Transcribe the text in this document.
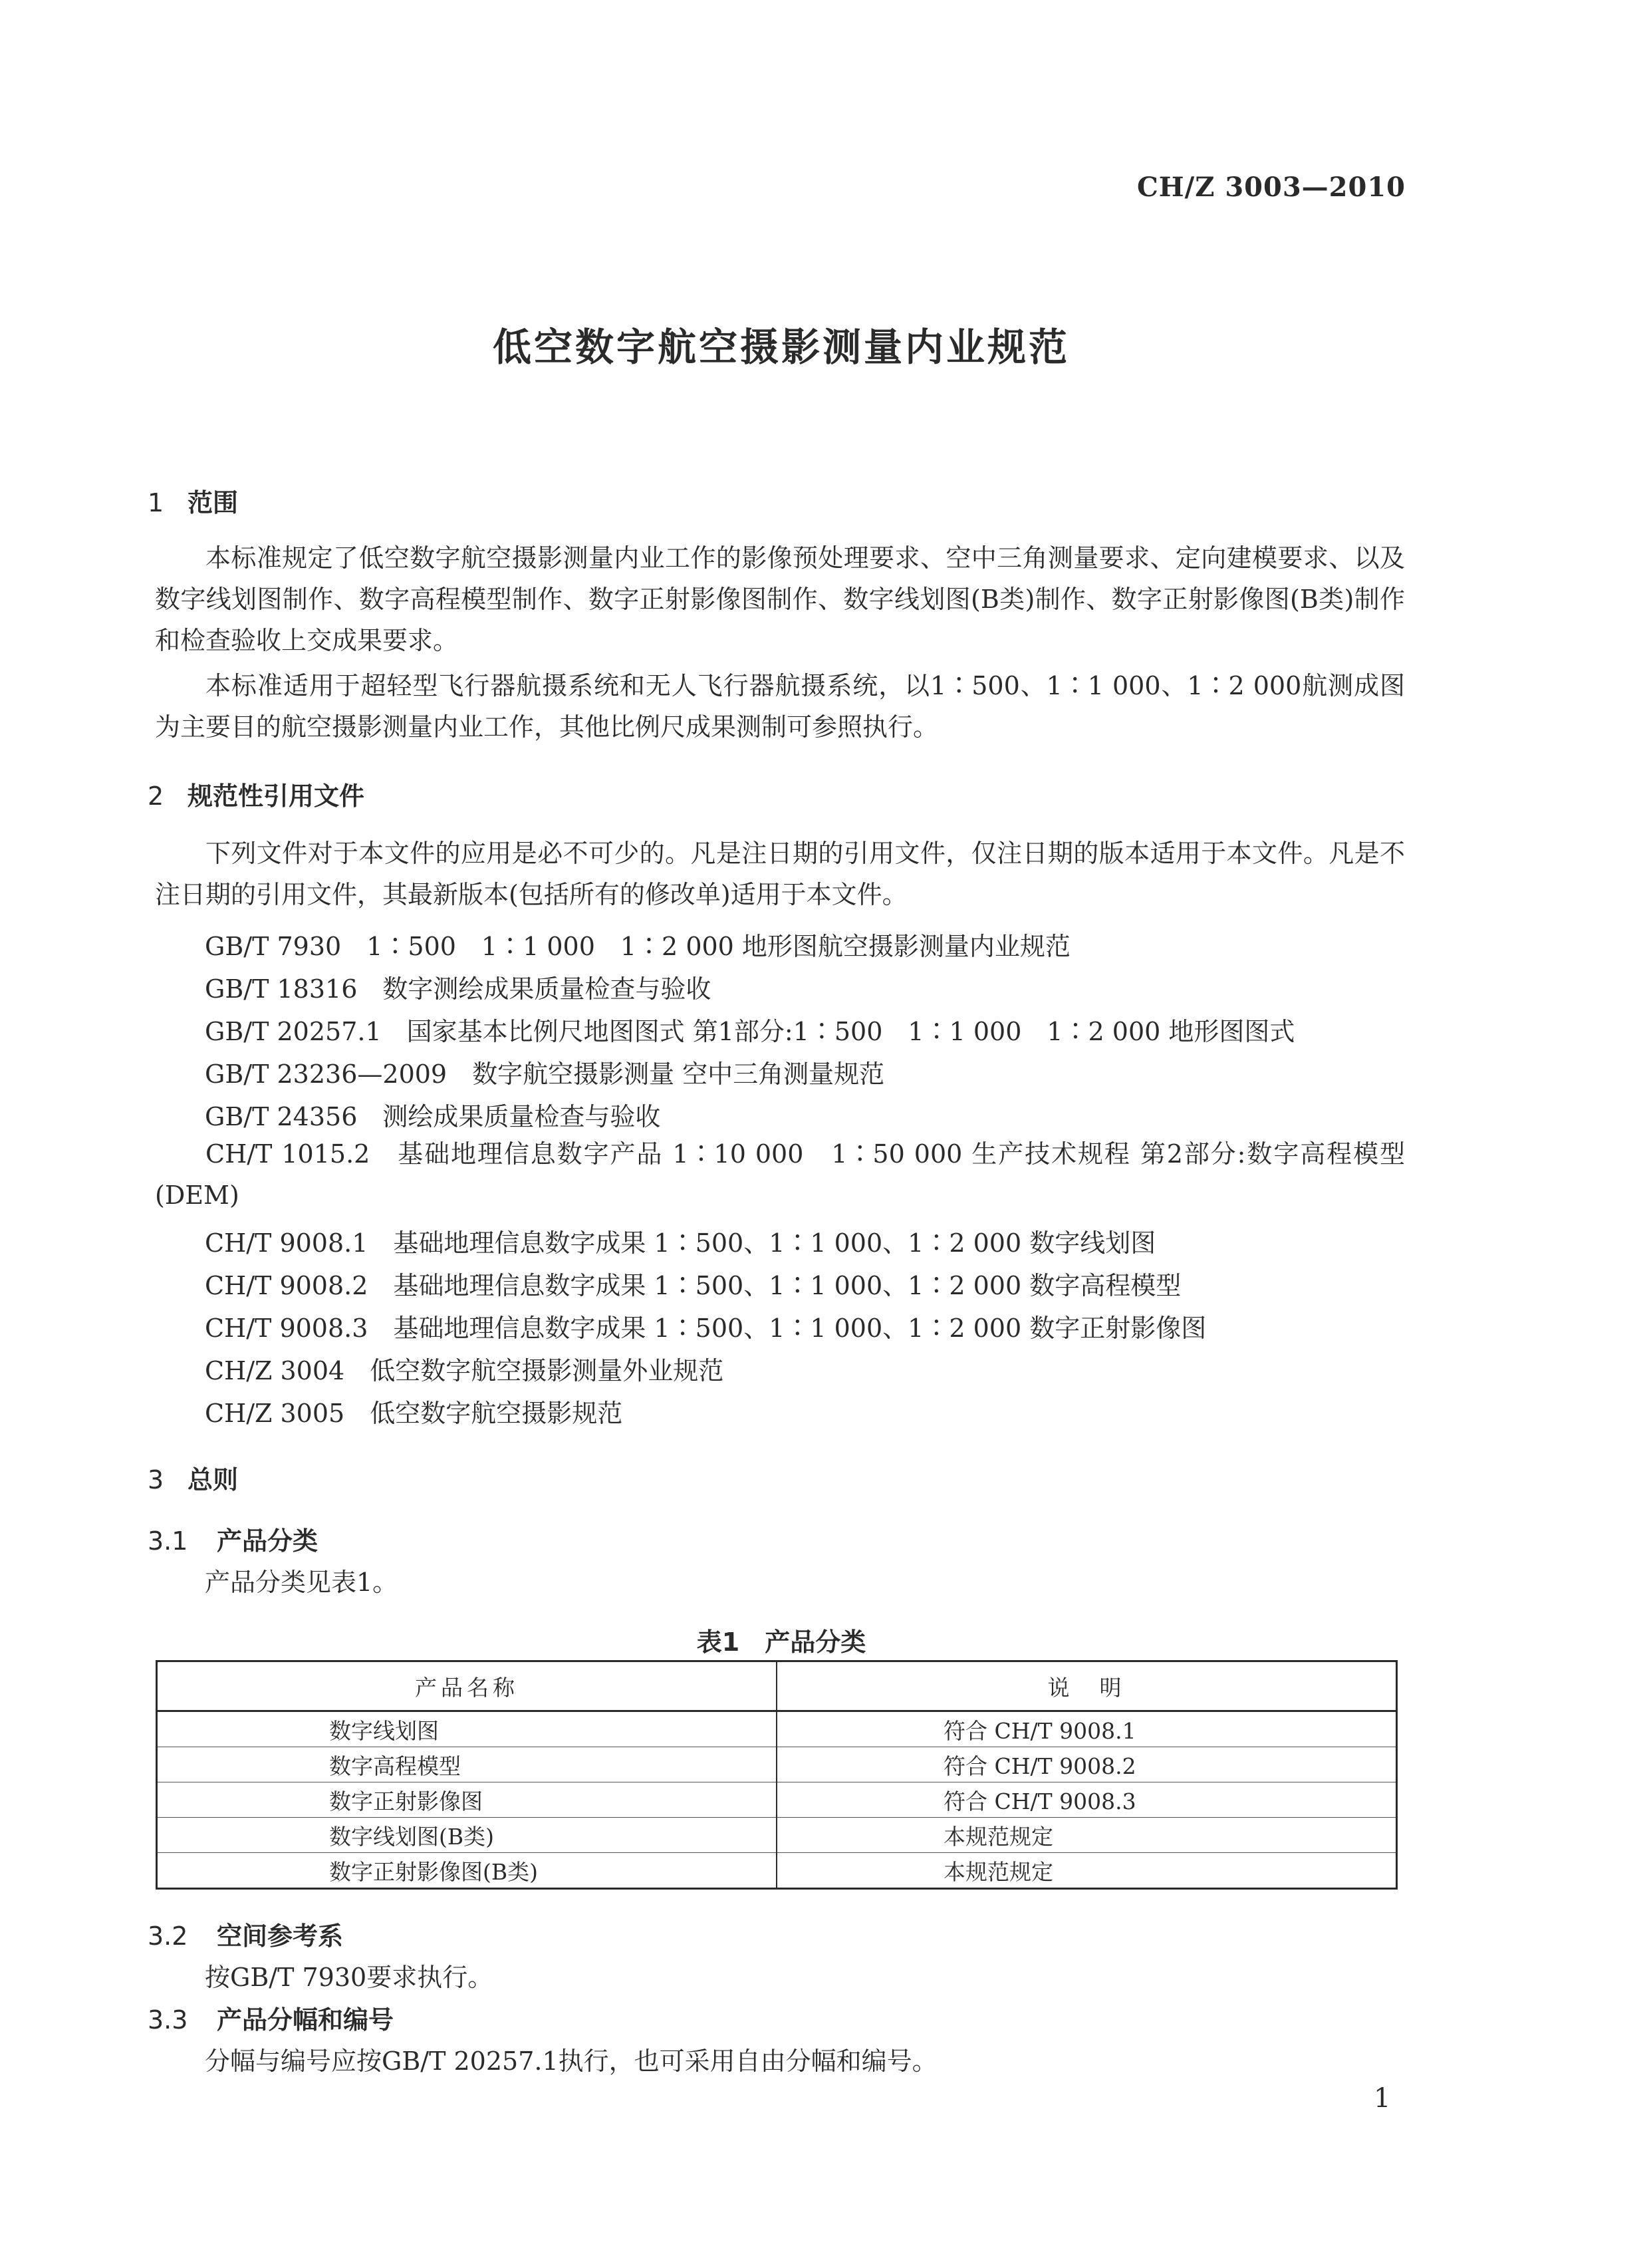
CH/Z 3003—2010
低空数字航空摄影测量内业规范
1 范围
本标准规定了低空数字航空摄影测量内业工作的影像预处理要求、空中三角测量要求、定向建模要求、以及数字线划图制作、数字高程模型制作、数字正射影像图制作、数字线划图(B类)制作、数字正射影像图(B类)制作和检查验收上交成果要求。
本标准适用于超轻型飞行器航摄系统和无人飞行器航摄系统，以1∶500、1∶1 000、1∶2 000航测成图为主要目的航空摄影测量内业工作，其他比例尺成果测制可参照执行。
2 规范性引用文件
下列文件对于本文件的应用是必不可少的。凡是注日期的引用文件，仅注日期的版本适用于本文件。凡是不注日期的引用文件，其最新版本(包括所有的修改单)适用于本文件。
GB/T 7930　1∶500　1∶1 000　1∶2 000 地形图航空摄影测量内业规范
GB/T 18316　数字测绘成果质量检查与验收
GB/T 20257.1　国家基本比例尺地图图式 第1部分:1∶500　1∶1 000　1∶2 000 地形图图式
GB/T 23236—2009　数字航空摄影测量 空中三角测量规范
GB/T 24356　测绘成果质量检查与验收
CH/T 1015.2　基础地理信息数字产品 1∶10 000　1∶50 000 生产技术规程 第2部分:数字高程模型(DEM)
CH/T 9008.1　基础地理信息数字成果 1∶500、1∶1 000、1∶2 000 数字线划图
CH/T 9008.2　基础地理信息数字成果 1∶500、1∶1 000、1∶2 000 数字高程模型
CH/T 9008.3　基础地理信息数字成果 1∶500、1∶1 000、1∶2 000 数字正射影像图
CH/Z 3004　低空数字航空摄影测量外业规范
CH/Z 3005　低空数字航空摄影规范
3 总则
3.1 产品分类
产品分类见表1。
表1　产品分类
产品名称	说　明
数字线划图	符合 CH/T 9008.1
数字高程模型	符合 CH/T 9008.2
数字正射影像图	符合 CH/T 9008.3
数字线划图(B类)	本规范规定
数字正射影像图(B类)	本规范规定
3.2 空间参考系
按GB/T 7930要求执行。
3.3 产品分幅和编号
分幅与编号应按GB/T 20257.1执行，也可采用自由分幅和编号。
1
